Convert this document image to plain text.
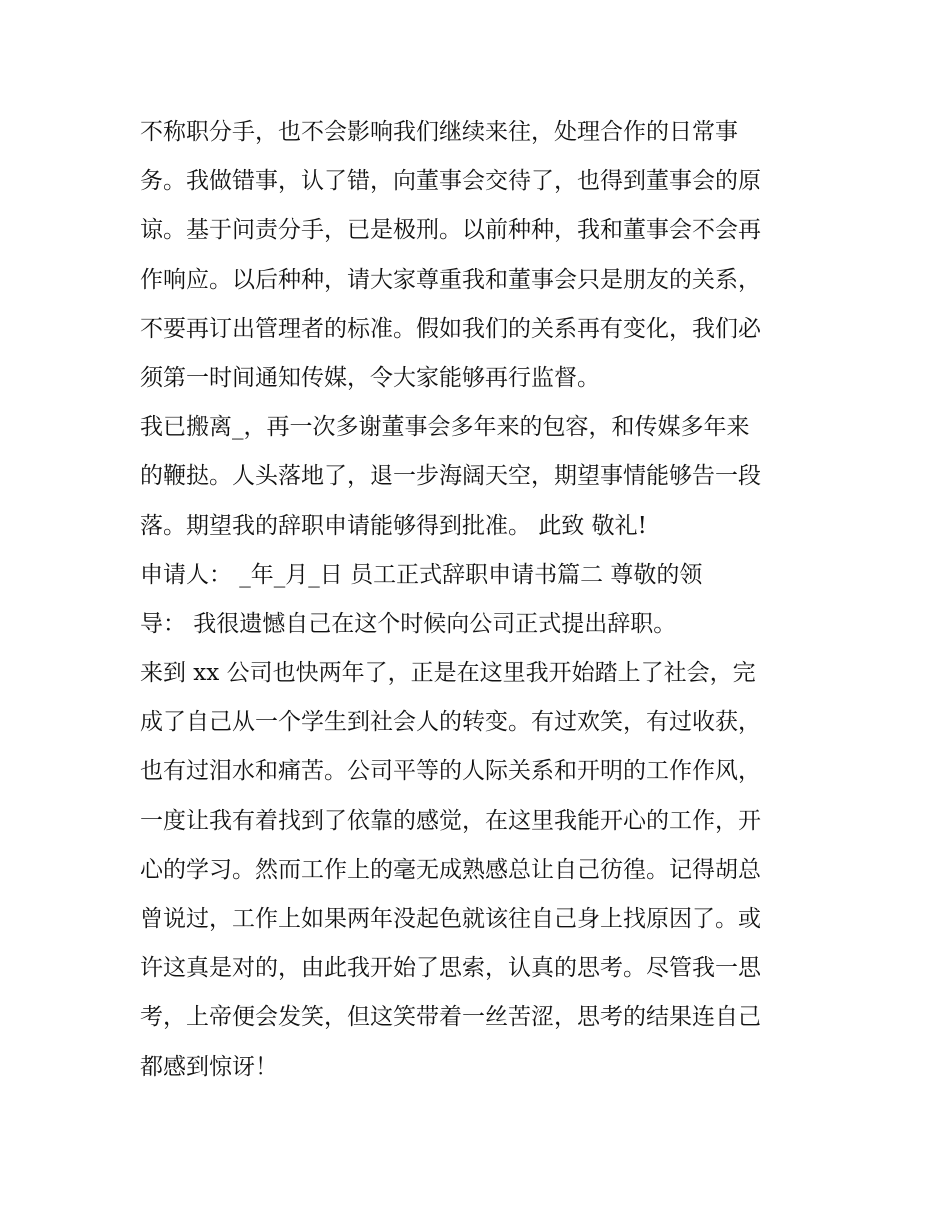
不称职分手，也不会影响我们继续来往，处理合作的日常事
务。我做错事，认了错，向董事会交待了，也得到董事会的原
谅。基于问责分手，已是极刑。以前种种，我和董事会不会再
作响应。以后种种，请大家尊重我和董事会只是朋友的关系，
不要再订出管理者的标准。假如我们的关系再有变化，我们必
须第一时间通知传媒，令大家能够再行监督。
我已搬离_，再一次多谢董事会多年来的包容，和传媒多年来
的鞭挞。人头落地了，退一步海阔天空，期望事情能够告一段
落。期望我的辞职申请能够得到批准。 此致 敬礼!
申请人： _年_月_日 员工正式辞职申请书篇二 尊敬的领
导： 我很遗憾自己在这个时候向公司正式提出辞职。
来到 xx 公司也快两年了，正是在这里我开始踏上了社会，完
成了自己从一个学生到社会人的转变。有过欢笑，有过收获，
也有过泪水和痛苦。公司平等的人际关系和开明的工作作风，
一度让我有着找到了依靠的感觉，在这里我能开心的工作，开
心的学习。然而工作上的毫无成熟感总让自己彷徨。记得胡总
曾说过，工作上如果两年没起色就该往自己身上找原因了。或
许这真是对的，由此我开始了思索，认真的思考。尽管我一思
考，上帝便会发笑，但这笑带着一丝苦涩，思考的结果连自己
都感到惊讶！
